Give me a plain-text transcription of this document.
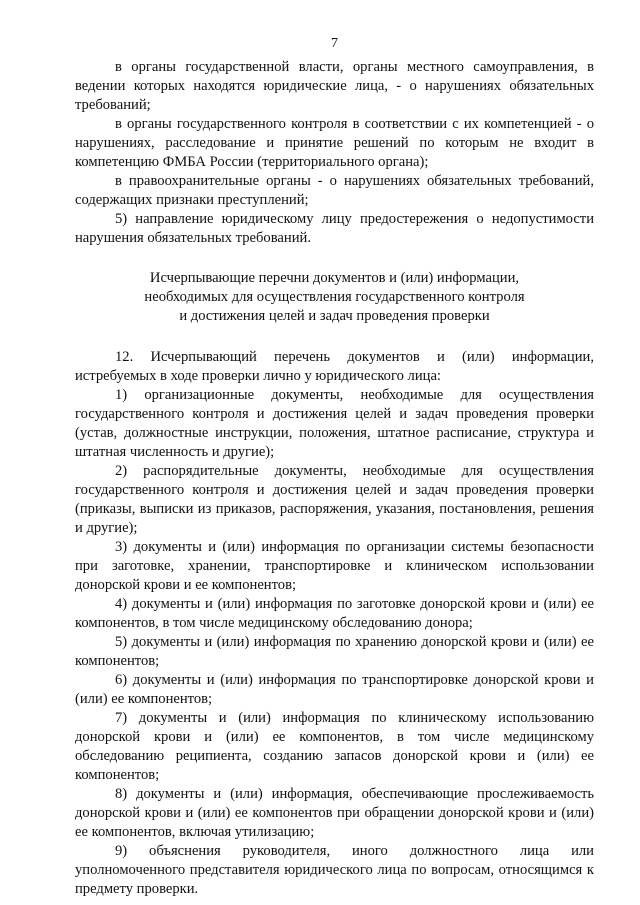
7

в органы государственной власти, органы местного самоуправления, в ведении которых находятся юридические лица, - о нарушениях обязательных требований;

в органы государственного контроля в соответствии с их компетенцией - о нарушениях, расследование и принятие решений по которым не входит в компетенцию ФМБА России (территориального органа);

в правоохранительные органы - о нарушениях обязательных требований, содержащих признаки преступлений;

5) направление юридическому лицу предостережения о недопустимости нарушения обязательных требований.

Исчерпывающие перечни документов и (или) информации,
необходимых для осуществления государственного контроля
и достижения целей и задач проведения проверки

12. Исчерпывающий перечень документов и (или) информации, истребуемых в ходе проверки лично у юридического лица:

1) организационные документы, необходимые для осуществления государственного контроля и достижения целей и задач проведения проверки (устав, должностные инструкции, положения, штатное расписание, структура и штатная численность и другие);

2) распорядительные документы, необходимые для осуществления государственного контроля и достижения целей и задач проведения проверки (приказы, выписки из приказов, распоряжения, указания, постановления, решения и другие);

3) документы и (или) информация по организации системы безопасности при заготовке, хранении, транспортировке и клиническом использовании донорской крови и ее компонентов;

4) документы и (или) информация по заготовке донорской крови и (или) ее компонентов, в том числе медицинскому обследованию донора;

5) документы и (или) информация по хранению донорской крови и (или) ее компонентов;

6) документы и (или) информация по транспортировке донорской крови и (или) ее компонентов;

7) документы и (или) информация по клиническому использованию донорской крови и (или) ее компонентов, в том числе медицинскому обследованию реципиента, созданию запасов донорской крови и (или) ее компонентов;

8) документы и (или) информация, обеспечивающие прослеживаемость донорской крови и (или) ее компонентов при обращении донорской крови и (или) ее компонентов, включая утилизацию;

9) объяснения руководителя, иного должностного лица или уполномоченного представителя юридического лица по вопросам, относящимся к предмету проверки.
